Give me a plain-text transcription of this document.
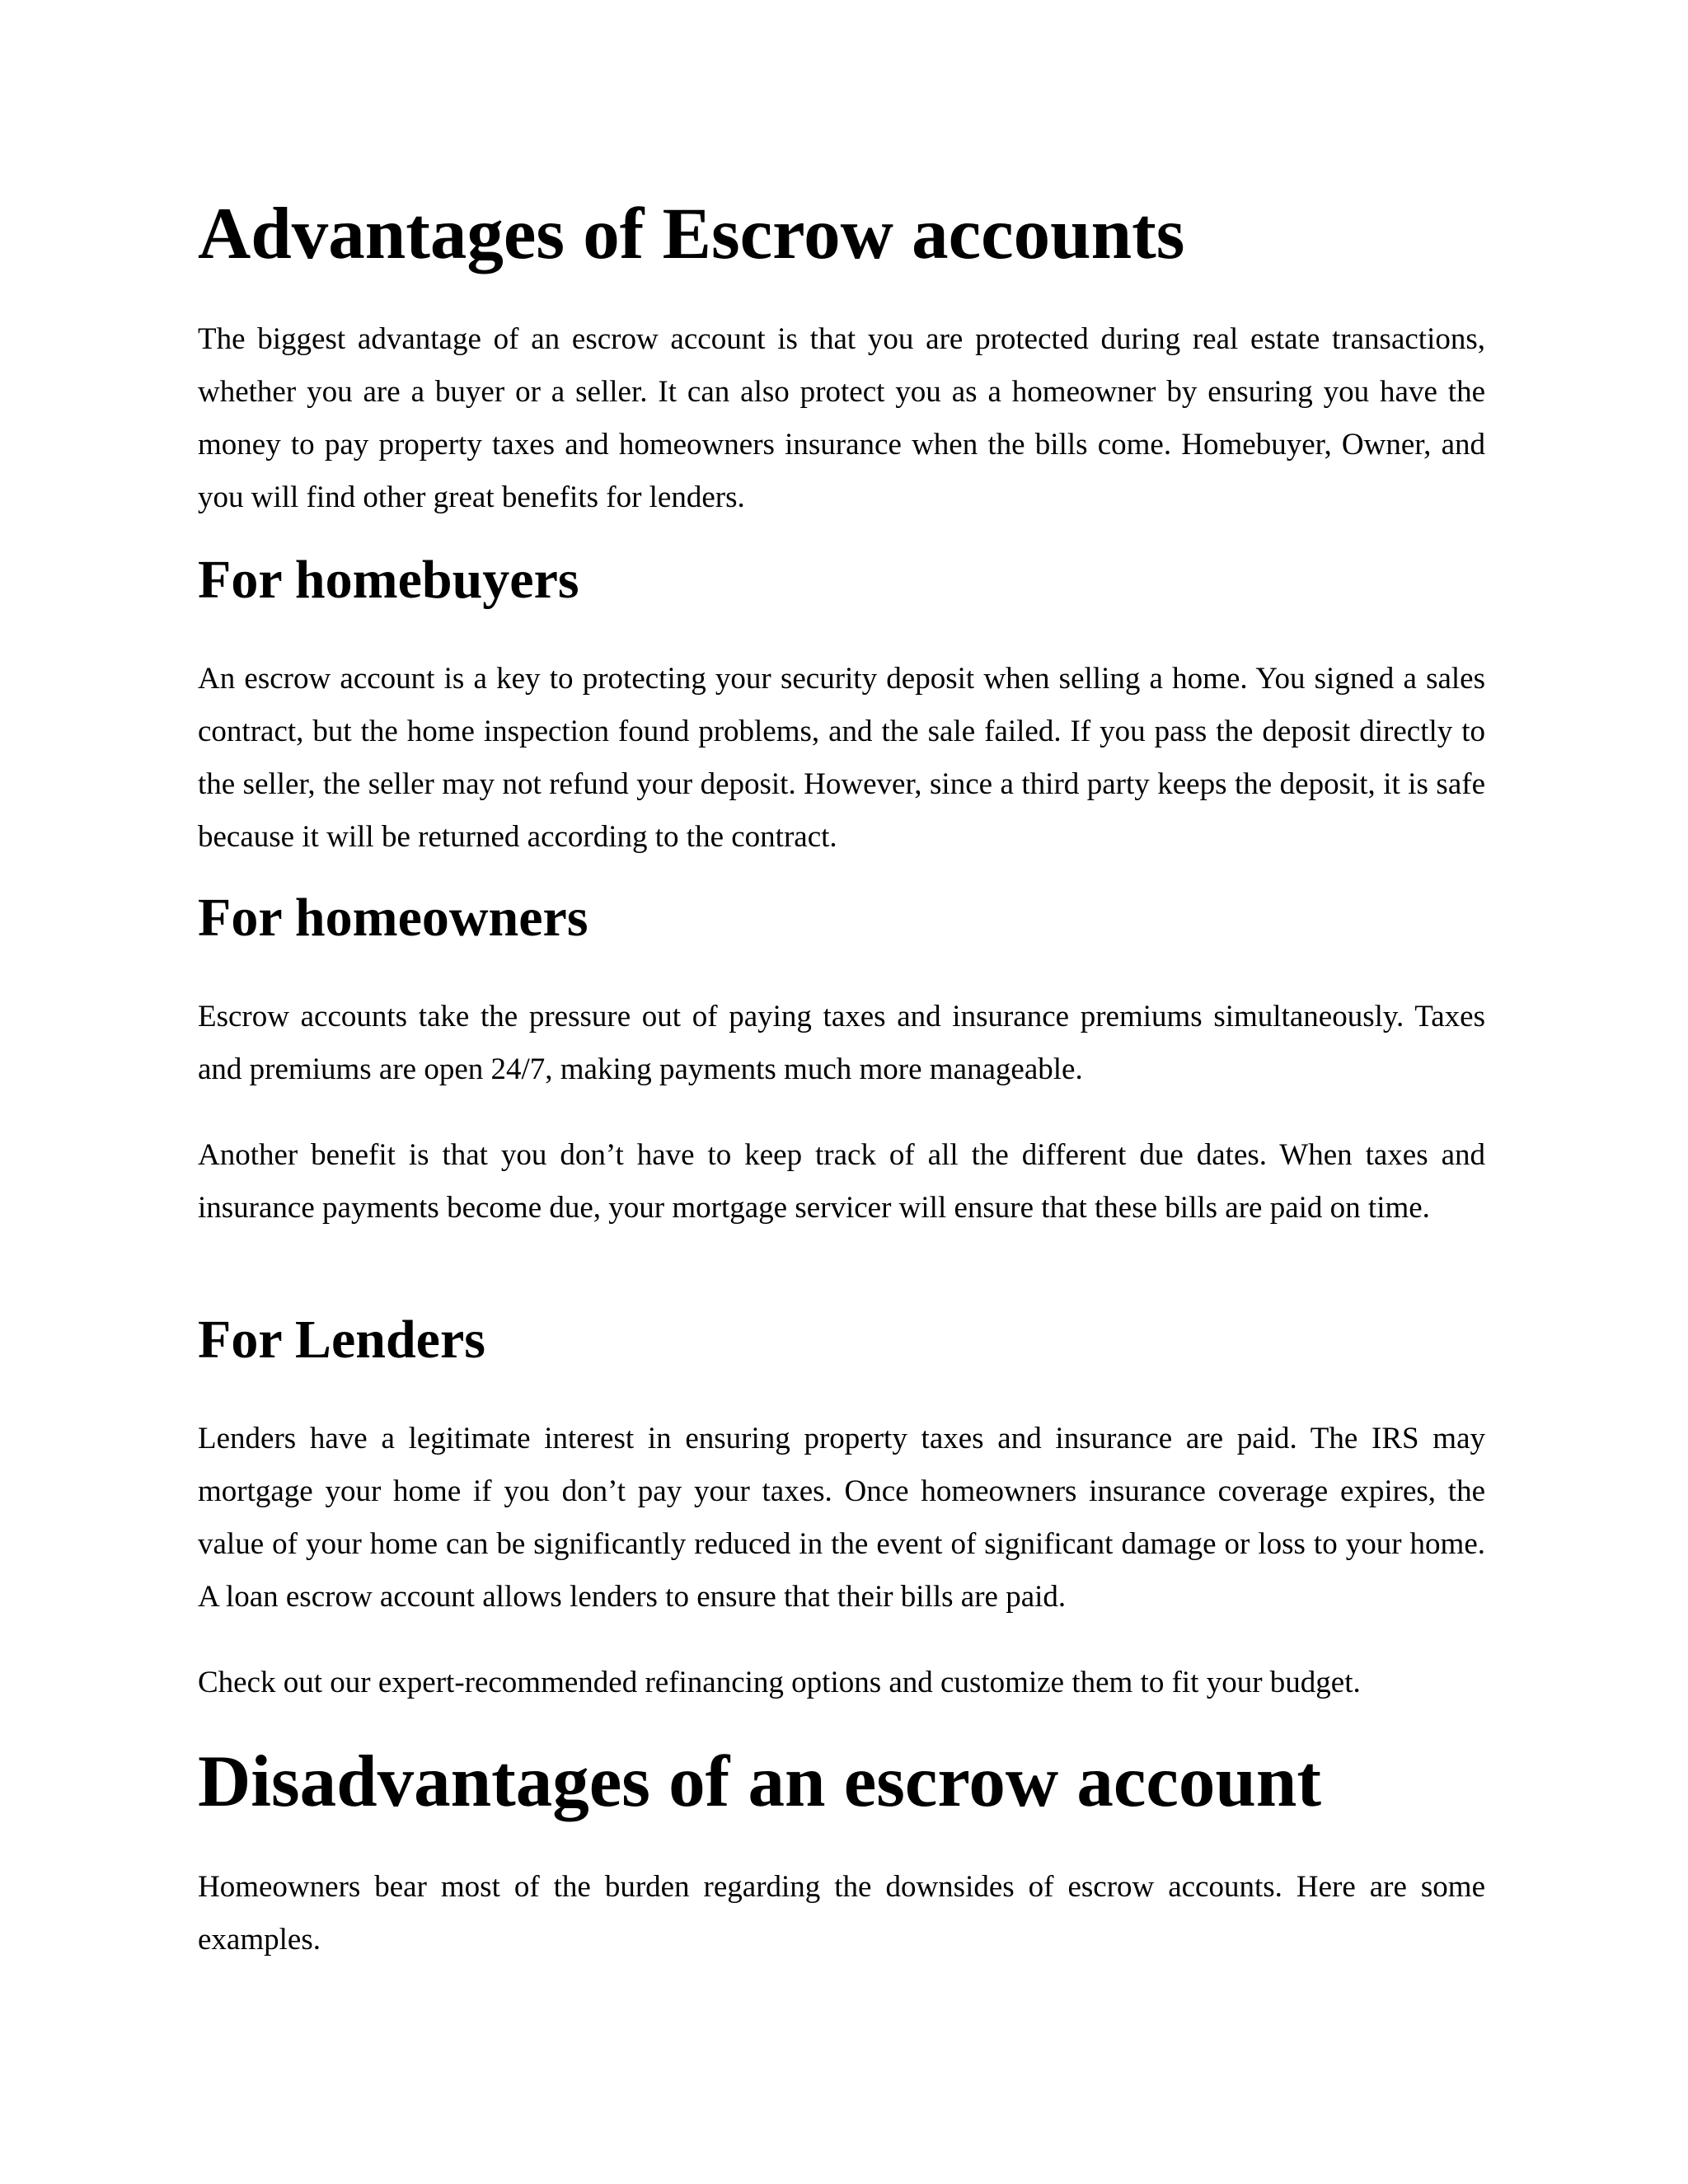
Advantages of Escrow accounts

The biggest advantage of an escrow account is that you are protected during real estate transactions, whether you are a buyer or a seller. It can also protect you as a homeowner by ensuring you have the money to pay property taxes and homeowners insurance when the bills come. Homebuyer, Owner, and you will find other great benefits for lenders.

For homebuyers

An escrow account is a key to protecting your security deposit when selling a home. You signed a sales contract, but the home inspection found problems, and the sale failed. If you pass the deposit directly to the seller, the seller may not refund your deposit. However, since a third party keeps the deposit, it is safe because it will be returned according to the contract.

For homeowners

Escrow accounts take the pressure out of paying taxes and insurance premiums simultaneously. Taxes and premiums are open 24/7, making payments much more manageable.

Another benefit is that you don’t have to keep track of all the different due dates. When taxes and insurance payments become due, your mortgage servicer will ensure that these bills are paid on time.

For Lenders

Lenders have a legitimate interest in ensuring property taxes and insurance are paid. The IRS may mortgage your home if you don’t pay your taxes. Once homeowners insurance coverage expires, the value of your home can be significantly reduced in the event of significant damage or loss to your home. A loan escrow account allows lenders to ensure that their bills are paid.

Check out our expert-recommended refinancing options and customize them to fit your budget.

Disadvantages of an escrow account

Homeowners bear most of the burden regarding the downsides of escrow accounts. Here are some examples.
